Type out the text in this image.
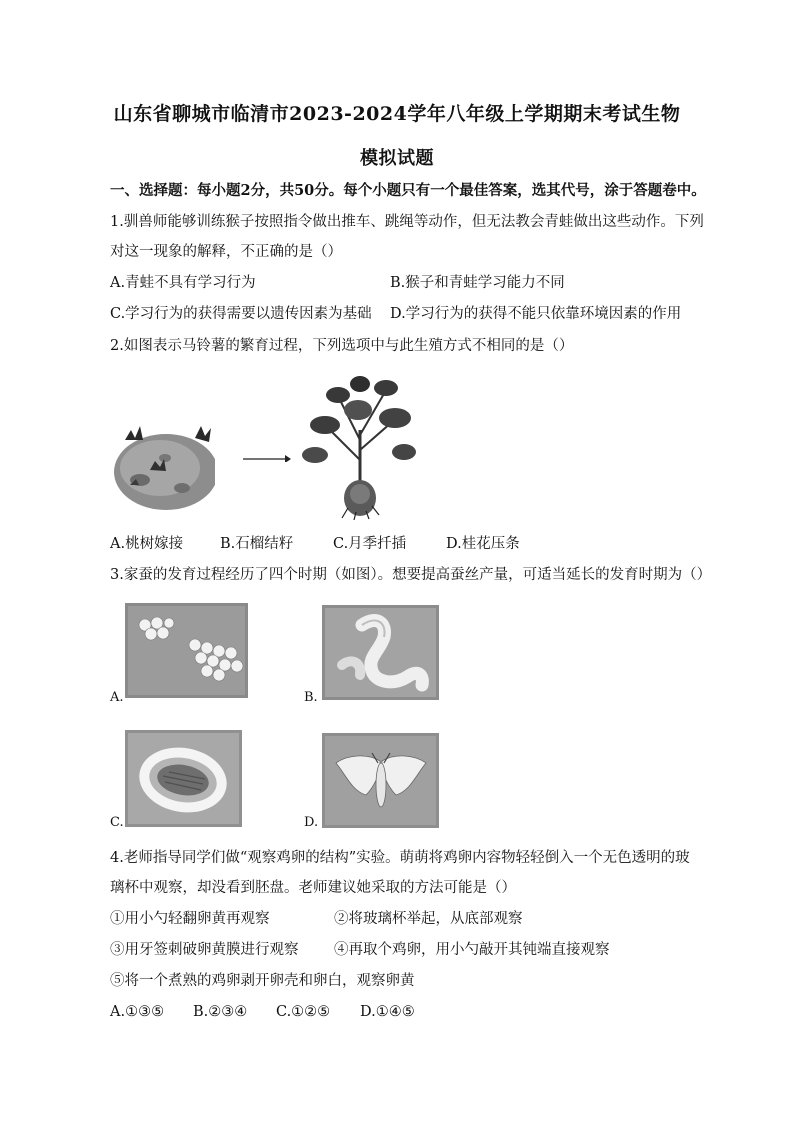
山东省聊城市临清市2023-2024学年八年级上学期期末考试生物
模拟试题
一、选择题：每小题2分，共50分。每个小题只有一个最佳答案，选其代号，涂于答题卷中。
1.驯兽师能够训练猴子按照指令做出推车、跳绳等动作，但无法教会青蛙做出这些动作。下列
对这一现象的解释，不正确的是（）
A.青蛙不具有学习行为	B.猴子和青蛙学习能力不同
C.学习行为的获得需要以遗传因素为基础 D.学习行为的获得不能只依靠环境因素的作用
2.如图表示马铃薯的繁育过程，下列选项中与此生殖方式不相同的是（）
A.桃树嫁接	B.石榴结籽	C.月季扦插	D.桂花压条
3.家蚕的发育过程经历了四个时期（如图）。想要提高蚕丝产量，可适当延长的发育时期为（）
A.	B.
C.	D.
4.老师指导同学们做“观察鸡卵的结构”实验。萌萌将鸡卵内容物轻轻倒入一个无色透明的玻
璃杯中观察，却没看到胚盘。老师建议她采取的方法可能是（）
①用小勺轻翻卵黄再观察	②将玻璃杯举起，从底部观察
③用牙签刺破卵黄膜进行观察 ④再取个鸡卵，用小勺敲开其钝端直接观察
⑤将一个煮熟的鸡卵剥开卵壳和卵白，观察卵黄
A.①③⑤ B.②③④ C.①②⑤ D.①④⑤
